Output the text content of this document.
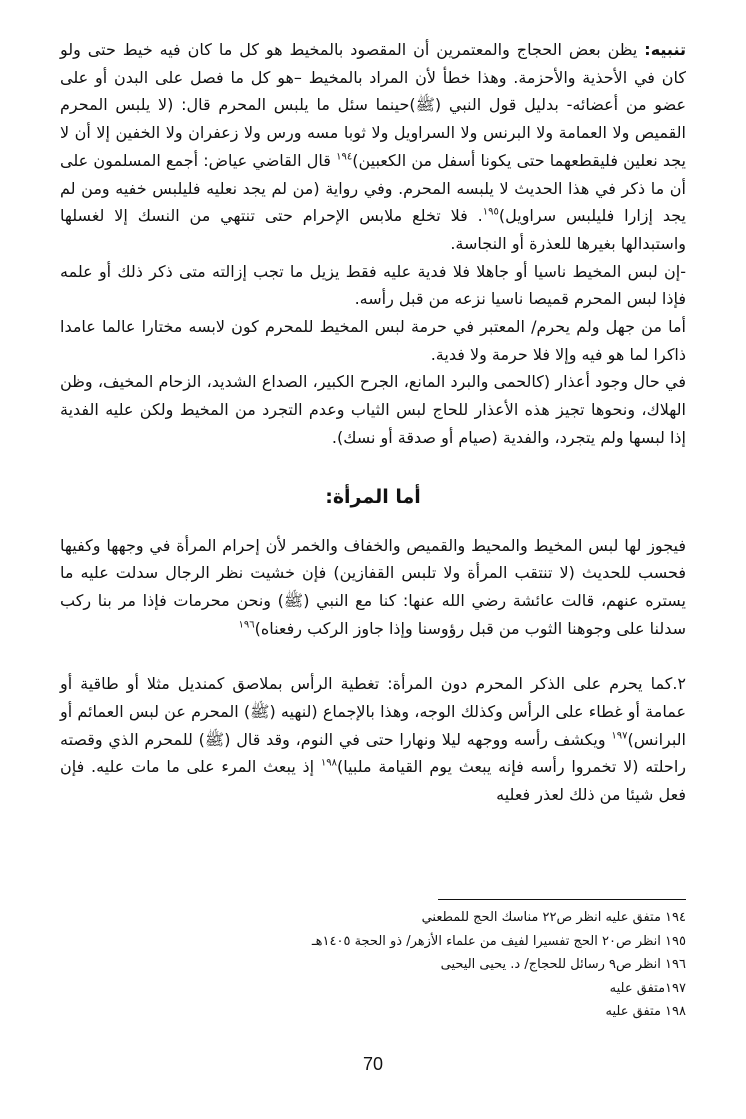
تنبيه: يظن بعض الحجاج والمعتمرين أن المقصود بالمخيط هو كل ما كان فيه خيط حتى ولو كان في الأحذية والأحزمة. وهذا خطأ لأن المراد بالمخيط –هو كل ما فصل على البدن أو على عضو من أعضائه- بدليل قول النبي (ﷺ)حينما سئل ما يلبس المحرم قال: (لا يلبس المحرم القميص ولا العمامة ولا البرنس ولا السراويل ولا ثوبا مسه ورس ولا زعفران ولا الخفين إلا أن لا يجد نعلين فليقطعهما حتى يكونا أسفل من الكعبين)$^{١٩٤}$ قال القاضي عياض: أجمع المسلمون على أن ما ذكر في هذا الحديث لا يلبسه المحرم. وفي رواية (من لم يجد نعليه فليلبس خفيه ومن لم يجد إزارا فليلبس سراويل)$^{١٩٥}$. فلا تخلع ملابس الإحرام حتى تنتهي من النسك إلا لغسلها واستبدالها بغيرها للعذرة أو النجاسة.

-إن لبس المخيط ناسيا أو جاهلا فلا فدية عليه فقط يزيل ما تجب إزالته متى ذكر ذلك أو علمه فإذا لبس المحرم قميصا ناسيا نزعه من قبل رأسه.

أما من جهل ولم يحرم/ المعتبر في حرمة لبس المخيط للمحرم كون لابسه مختارا عالما عامدا ذاكرا لما هو فيه وإلا فلا حرمة ولا فدية.

في حال وجود أعذار (كالحمى والبرد المانع، الجرح الكبير، الصداع الشديد، الزحام المخيف، وظن الهلاك، ونحوها تجيز هذه الأعذار للحاج لبس الثياب وعدم التجرد من المخيط ولكن عليه الفدية إذا لبسها ولم يتجرد، والفدية (صيام أو صدقة أو نسك).

أما المرأة:

فيجوز لها لبس المخيط والمحيط والقميص والخفاف والخمر لأن إحرام المرأة في وجهها وكفيها فحسب للحديث (لا تنتقب المرأة ولا تلبس القفازين) فإن خشيت نظر الرجال سدلت عليه ما يستره عنهم، قالت عائشة رضي الله عنها: كنا مع النبي (ﷺ) ونحن محرمات فإذا مر بنا ركب سدلنا على وجوهنا الثوب من قبل رؤوسنا وإذا جاوز الركب رفعناه)$^{١٩٦}$

٢.كما يحرم على الذكر المحرم دون المرأة: تغطية الرأس بملاصق كمنديل مثلا أو طاقية أو عمامة أو غطاء على الرأس وكذلك الوجه، وهذا بالإجماع (لنهيه (ﷺ) المحرم عن لبس العمائم أو البرانس)$^{١٩٧}$ ويكشف رأسه ووجهه ليلا ونهارا حتى في النوم، وقد قال (ﷺ) للمحرم الذي وقصته راحلته (لا تخمروا رأسه فإنه يبعث يوم القيامة ملبيا)$^{١٩٨}$ إذ يبعث المرء على ما مات عليه. فإن فعل شيئا من ذلك لعذر فعليه

١٩٤ متفق عليه انظر ص٢٢ مناسك الحج للمطعني

١٩٥ انظر ص٢٠ الحج تفسيرا لفيف من علماء الأزهر/ ذو الحجة ١٤٠٥هـ

١٩٦ انظر ص٩ رسائل للحجاج/ د. يحيى اليحيى

١٩٧متفق عليه

١٩٨ متفق عليه

70
